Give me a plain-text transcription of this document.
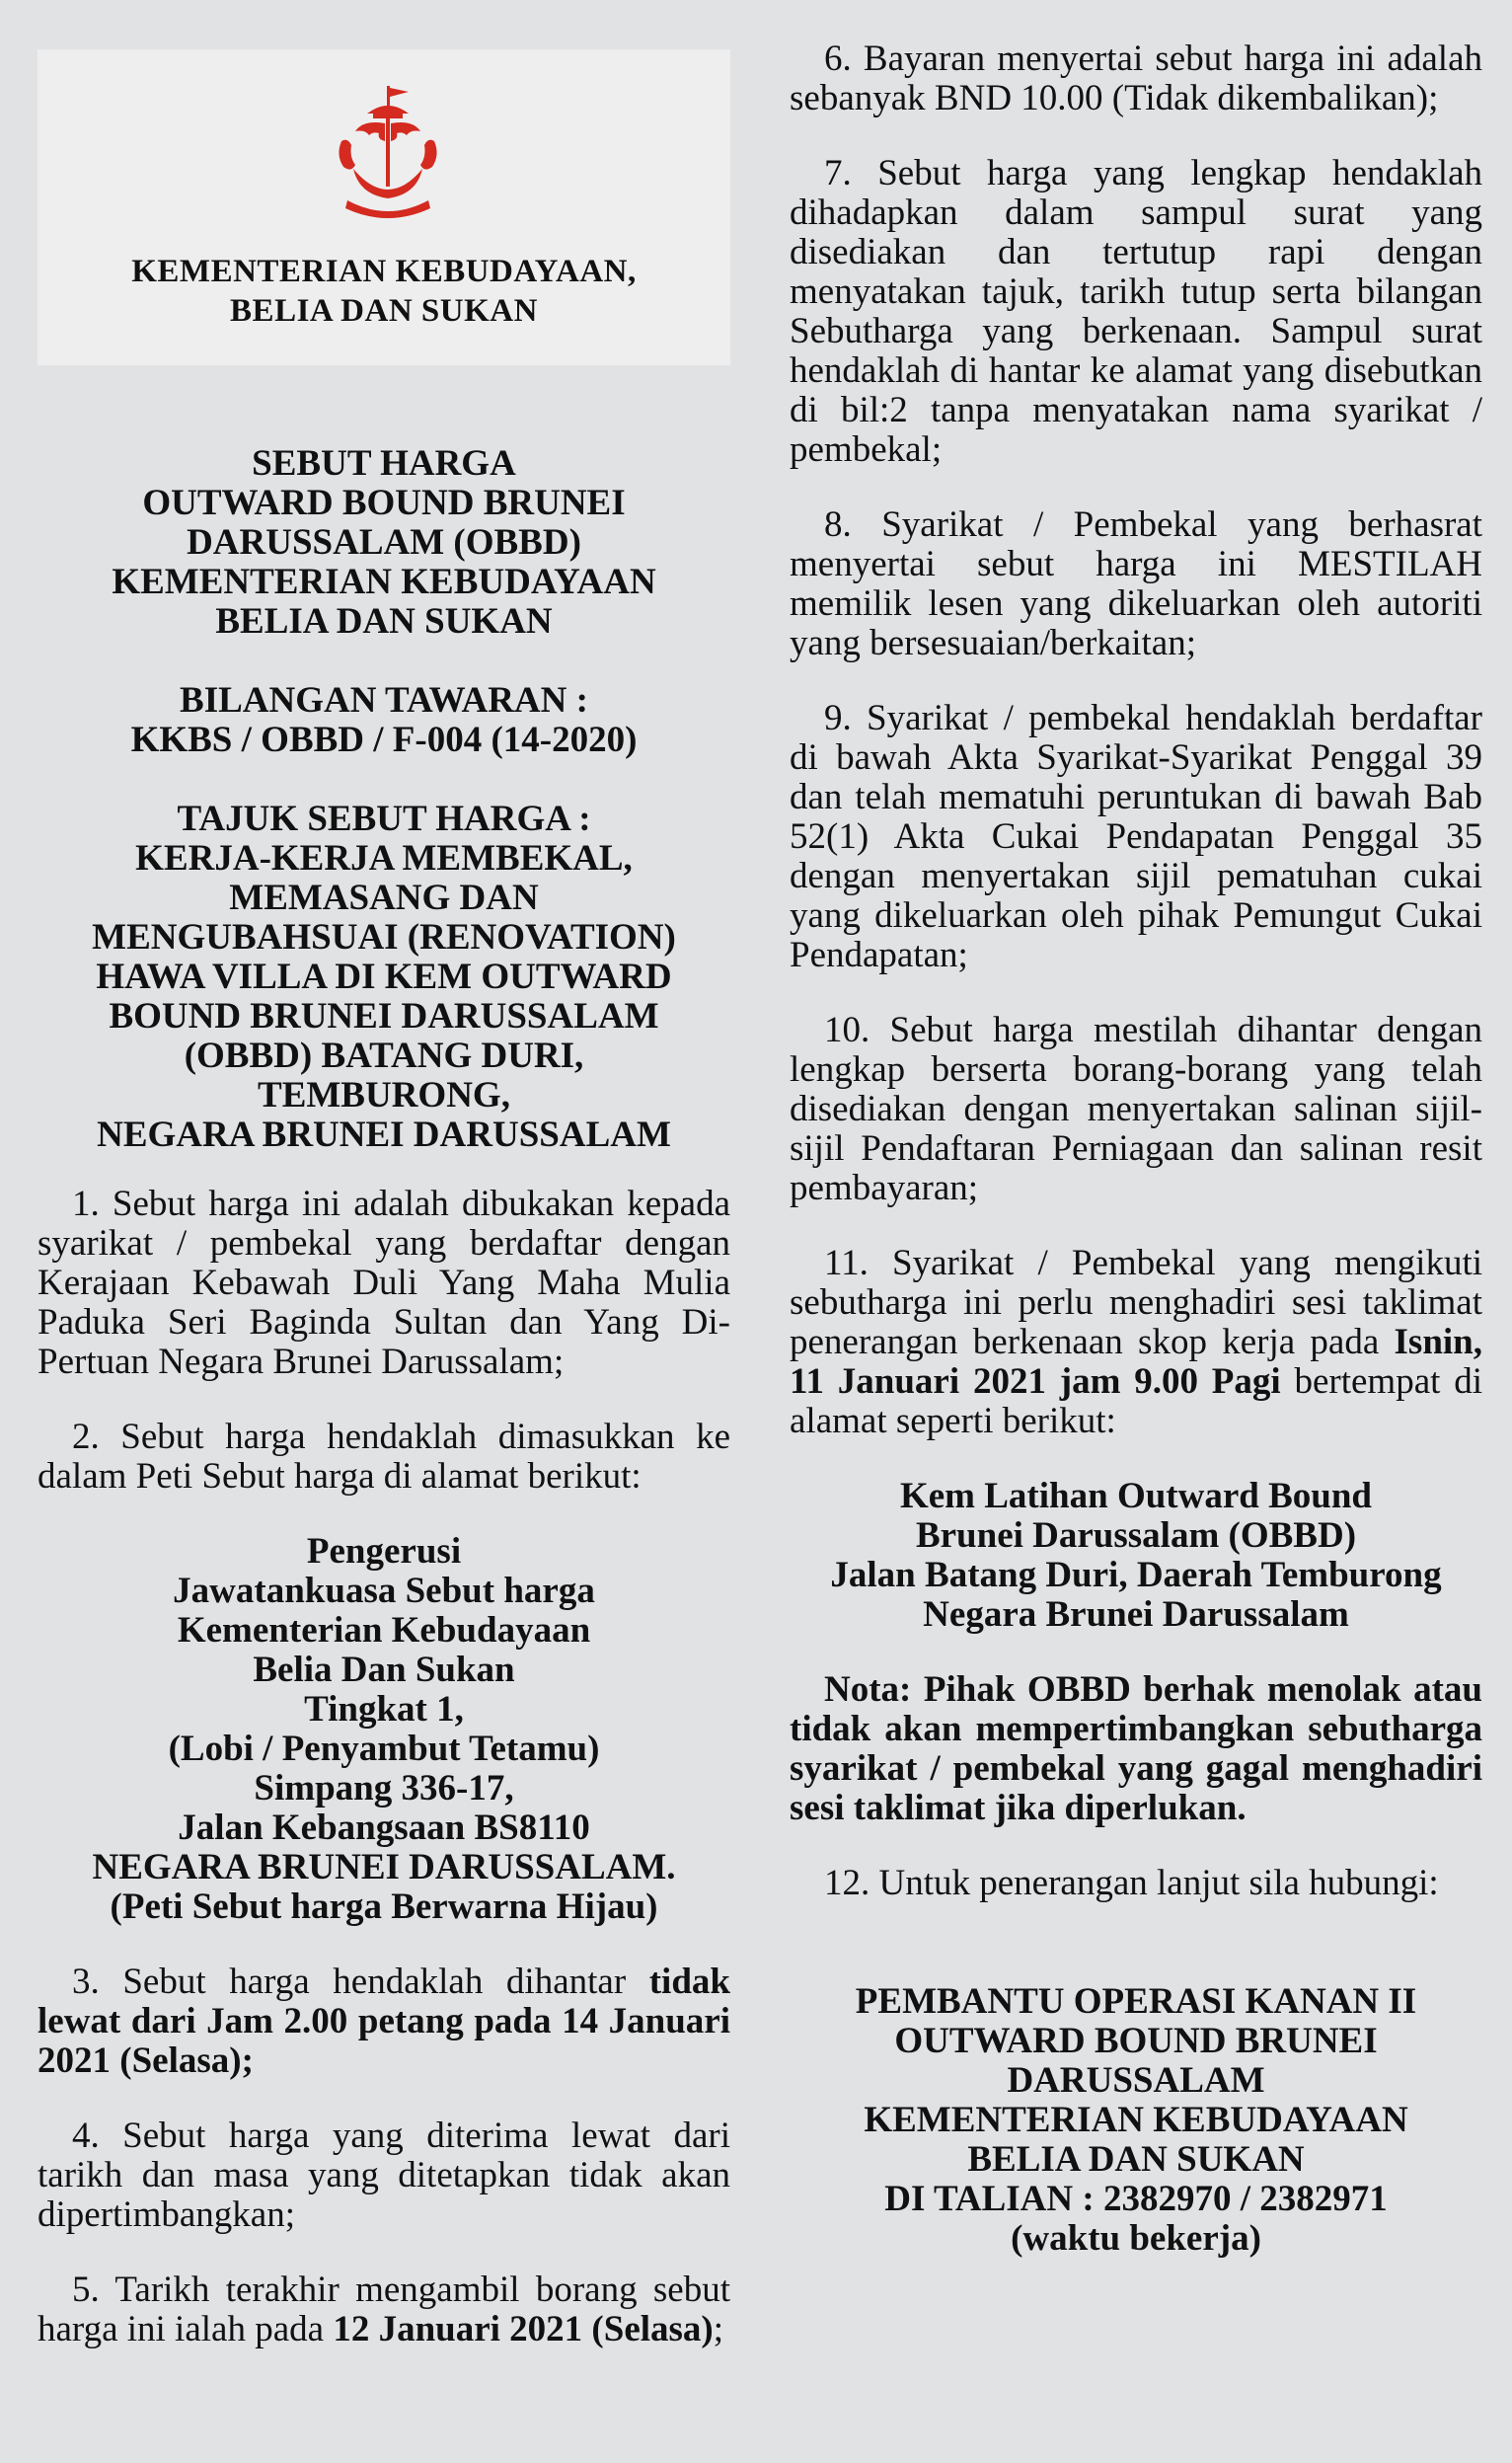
KEMENTERIAN KEBUDAYAAN,
BELIA DAN SUKAN

SEBUT HARGA
OUTWARD BOUND BRUNEI
DARUSSALAM (OBBD)
KEMENTERIAN KEBUDAYAAN
BELIA DAN SUKAN

BILANGAN TAWARAN :
KKBS / OBBD / F-004 (14-2020)

TAJUK SEBUT HARGA :
KERJA-KERJA MEMBEKAL,
MEMASANG DAN
MENGUBAHSUAI (RENOVATION)
HAWA VILLA DI KEM OUTWARD
BOUND BRUNEI DARUSSALAM
(OBBD) BATANG DURI,
TEMBURONG,
NEGARA BRUNEI DARUSSALAM

1. Sebut harga ini adalah dibukakan kepada syarikat / pembekal yang berdaftar dengan Kerajaan Kebawah Duli Yang Maha Mulia Paduka Seri Baginda Sultan dan Yang Di-Pertuan Negara Brunei Darussalam;

2. Sebut harga hendaklah dimasukkan ke dalam Peti Sebut harga di alamat berikut:

Pengerusi
Jawatankuasa Sebut harga
Kementerian Kebudayaan
Belia Dan Sukan
Tingkat 1,
(Lobi / Penyambut Tetamu)
Simpang 336-17,
Jalan Kebangsaan BS8110
NEGARA BRUNEI DARUSSALAM.
(Peti Sebut harga Berwarna Hijau)

3. Sebut harga hendaklah dihantar tidak lewat dari Jam 2.00 petang pada 14 Januari 2021 (Selasa);

4. Sebut harga yang diterima lewat dari tarikh dan masa yang ditetapkan tidak akan dipertimbangkan;

5. Tarikh terakhir mengambil borang sebut harga ini ialah pada 12 Januari 2021 (Selasa);

6. Bayaran menyertai sebut harga ini adalah sebanyak BND 10.00 (Tidak dikembalikan);

7. Sebut harga yang lengkap hendaklah dihadapkan dalam sampul surat yang disediakan dan tertutup rapi dengan menyatakan tajuk, tarikh tutup serta bilangan Sebutharga yang berkenaan. Sampul surat hendaklah di hantar ke alamat yang disebutkan di bil:2 tanpa menyatakan nama syarikat / pembekal;

8. Syarikat / Pembekal yang berhasrat menyertai sebut harga ini MESTILAH memilik lesen yang dikeluarkan oleh autoriti yang bersesuaian/berkaitan;

9. Syarikat / pembekal hendaklah berdaftar di bawah Akta Syarikat-Syarikat Penggal 39 dan telah mematuhi peruntukan di bawah Bab 52(1) Akta Cukai Pendapatan Penggal 35 dengan menyertakan sijil pematuhan cukai yang dikeluarkan oleh pihak Pemungut Cukai Pendapatan;

10. Sebut harga mestilah dihantar dengan lengkap berserta borang-borang yang telah disediakan dengan menyertakan salinan sijil-sijil Pendaftaran Perniagaan dan salinan resit pembayaran;

11. Syarikat / Pembekal yang mengikuti sebutharga ini perlu menghadiri sesi taklimat penerangan berkenaan skop kerja pada Isnin, 11 Januari 2021 jam 9.00 Pagi bertempat di alamat seperti berikut:

Kem Latihan Outward Bound
Brunei Darussalam (OBBD)
Jalan Batang Duri, Daerah Temburong
Negara Brunei Darussalam

Nota: Pihak OBBD berhak menolak atau tidak akan mempertimbangkan sebutharga syarikat / pembekal yang gagal menghadiri sesi taklimat jika diperlukan.

12. Untuk penerangan lanjut sila hubungi:

PEMBANTU OPERASI KANAN II
OUTWARD BOUND BRUNEI
DARUSSALAM
KEMENTERIAN KEBUDAYAAN
BELIA DAN SUKAN
DI TALIAN : 2382970 / 2382971
(waktu bekerja)
